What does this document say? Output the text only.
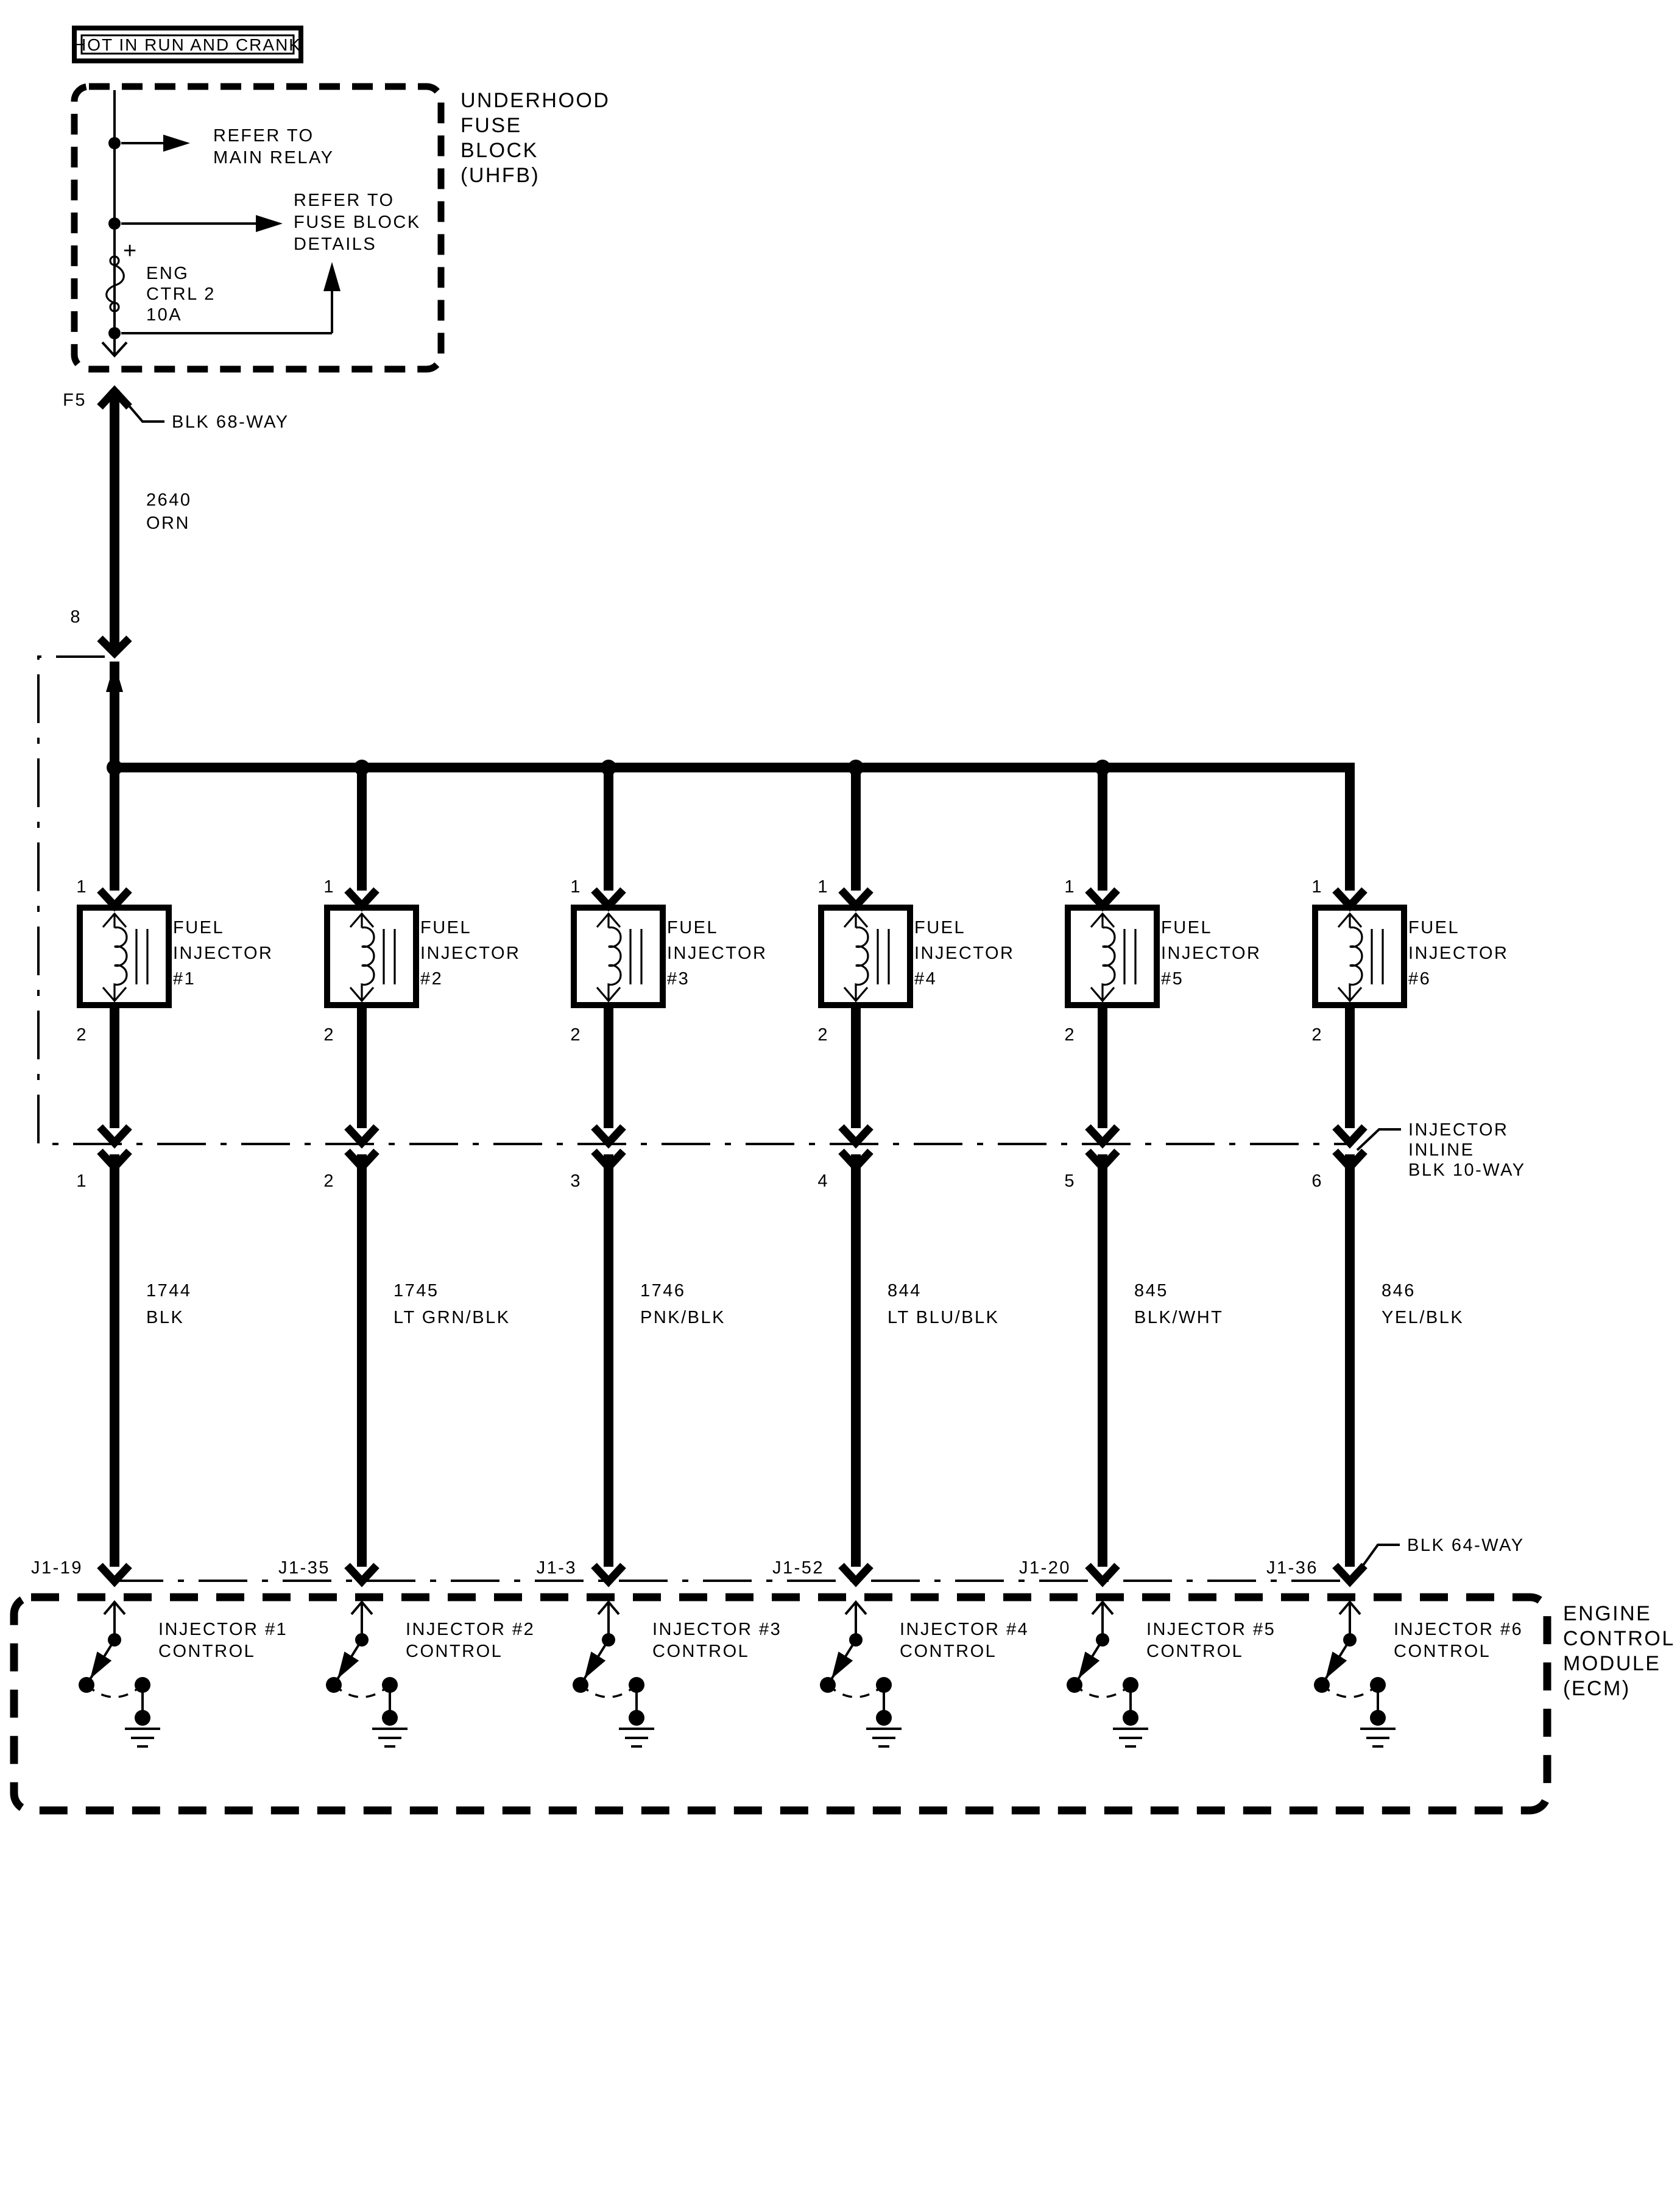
HOT IN RUN AND CRANK
UNDERHOOD
FUSE
BLOCK
(UHFB)
REFER TO
MAIN RELAY
REFER TO
FUSE BLOCK
DETAILS
+
ENG
CTRL 2
10A
F5
BLK 68-WAY
2640
ORN
8
INJECTOR
INLINE
BLK 10-WAY
1
FUEL
INJECTOR
#1
2
1
1744
BLK
J1-19
INJECTOR #1
CONTROL
1
FUEL
INJECTOR
#2
2
2
1745
LT GRN/BLK
J1-35
INJECTOR #2
CONTROL
1
FUEL
INJECTOR
#3
2
3
1746
PNK/BLK
J1-3
INJECTOR #3
CONTROL
1
FUEL
INJECTOR
#4
2
4
844
LT BLU/BLK
J1-52
INJECTOR #4
CONTROL
1
FUEL
INJECTOR
#5
2
5
845
BLK/WHT
J1-20
INJECTOR #5
CONTROL
1
FUEL
INJECTOR
#6
2
6
846
YEL/BLK
J1-36
INJECTOR #6
CONTROL
BLK 64-WAY
ENGINE
CONTROL
MODULE
(ECM)
